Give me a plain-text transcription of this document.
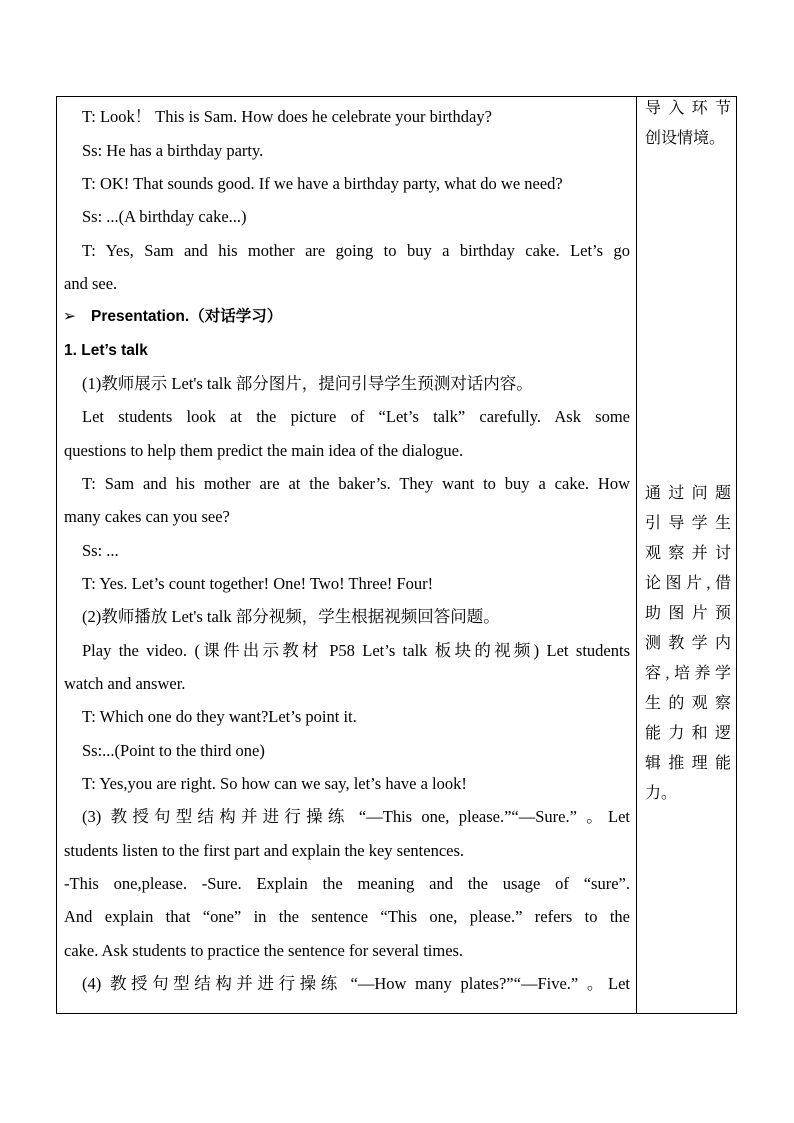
T: Look！ This is Sam. How does he celebrate your birthday?
Ss: He has a birthday party.
T: OK! That sounds good. If we have a birthday party, what do we need?
Ss: ...(A birthday cake...)
T: Yes, Sam and his mother are going to buy a birthday cake. Let’s go
and see.
➢ Presentation.（对话学习）
1. Let’s talk
(1)教师展示 Let's talk 部分图片，提问引导学生预测对话内容。
Let students look at the picture of “Let’s talk” carefully. Ask some
questions to help them predict the main idea of the dialogue.
T: Sam and his mother are at the baker’s. They want to buy a cake. How
many cakes can you see?
Ss: ...
T: Yes. Let’s count together! One! Two! Three! Four!
(2)教师播放 Let's talk 部分视频，学生根据视频回答问题。
Play the video. (课件出示教材 P58 Let’s talk 板块的视频) Let students
watch and answer.
T: Which one do they want?Let’s point it.
Ss:...(Point to the third one)
T: Yes,you are right. So how can we say, let’s have a look!
(3) 教授句型结构并进行操练 “—This one, please.”“—Sure.” 。Let
students listen to the first part and explain the key sentences.
-This one,please. -Sure. Explain the meaning and the usage of “sure”.
And explain that “one” in the sentence “This one, please.” refers to the
cake. Ask students to practice the sentence for several times.
(4) 教授句型结构并进行操练 “—How many plates?”“—Five.” 。Let
导入环节
创设情境。
通过问题
引导学生
观察并讨
论图片,借
助图片预
测教学内
容,培养学
生的观察
能力和逻
辑推理能
力。
